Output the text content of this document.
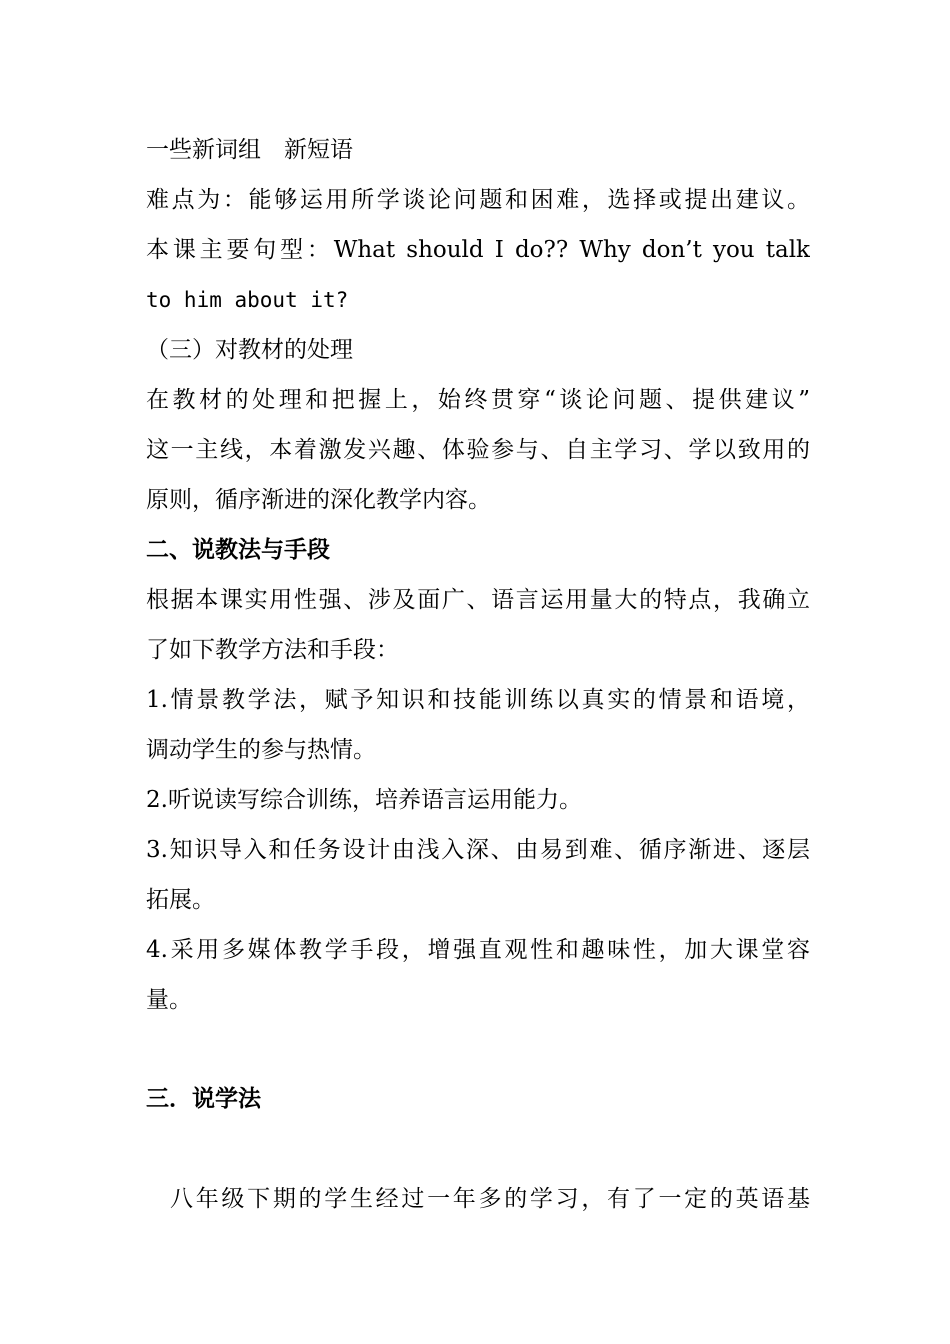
一些新词组　新短语
难点为：能够运用所学谈论问题和困难，选择或提出建议。
本课主要句型：What should I do?? Why don’t you talk
to him about it?
（三）对教材的处理
在教材的处理和把握上，始终贯穿“谈论问题、提供建议”
这一主线，本着激发兴趣、体验参与、自主学习、学以致用的
原则，循序渐进的深化教学内容。
二、说教法与手段
根据本课实用性强、涉及面广、语言运用量大的特点，我确立
了如下教学方法和手段：
1.情景教学法，赋予知识和技能训练以真实的情景和语境，
调动学生的参与热情。
2.听说读写综合训练，培养语言运用能力。
3.知识导入和任务设计由浅入深、由易到难、循序渐进、逐层
拓展。
4.采用多媒体教学手段，增强直观性和趣味性，加大课堂容
量。
三．说学法
八年级下期的学生经过一年多的学习，有了一定的英语基
